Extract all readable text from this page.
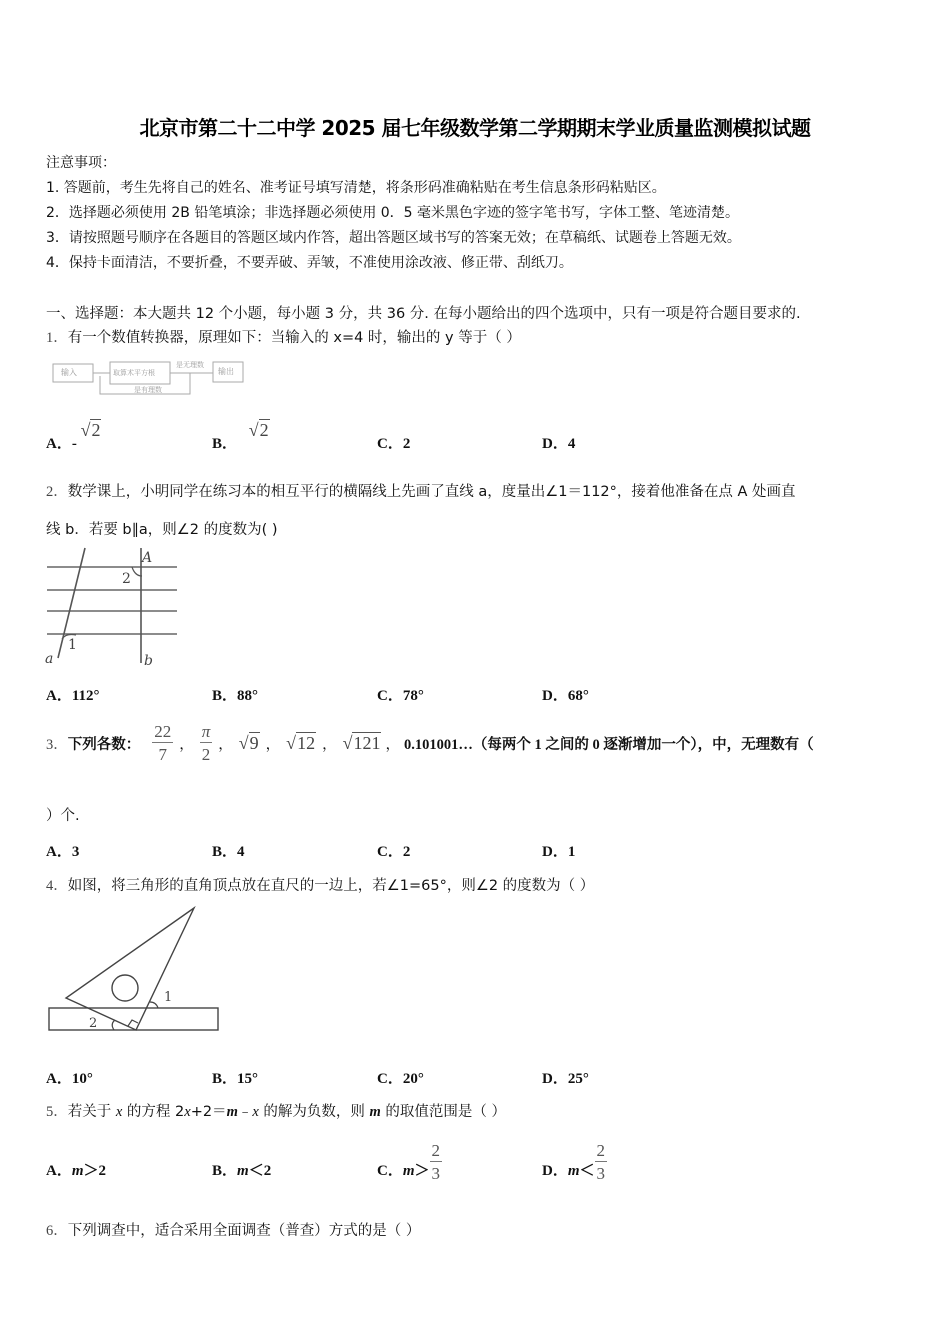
北京市第二十二中学 2025 届七年级数学第二学期期末学业质量监测模拟试题
注意事项：
1. 答题前，考生先将自己的姓名、准考证号填写清楚，将条形码准确粘贴在考生信息条形码粘贴区。
2．选择题必须使用 2B 铅笔填涂；非选择题必须使用 0．5 毫米黑色字迹的签字笔书写，字体工整、笔迹清楚。
3．请按照题号顺序在各题目的答题区域内作答，超出答题区域书写的答案无效；在草稿纸、试题卷上答题无效。
4．保持卡面清洁，不要折叠，不要弄破、弄皱，不准使用涂改液、修正带、刮纸刀。
一、选择题：本大题共 12 个小题，每小题 3 分，共 36 分. 在每小题给出的四个选项中，只有一项是符合题目要求的.
1．有一个数值转换器，原理如下：当输入的 x=4 时，输出的 y 等于（ ）
输入	取算术平方根
是无理数
是有理数
输出
A．- √2
B． √2
C．2	D．4
2．数学课上，小明同学在练习本的相互平行的横隔线上先画了直线 a，度量出∠1＝112°，接着他准备在点 A 处画直
线 b．若要 b∥a，则∠2 的度数为( )
A
2
1
a	b
A．112°	B．88°	C．78°	D．68°
3． 下列各数： $\frac{22}{7}$ ， $\frac{\pi}{2}$ ， √9 ， √12 ， √121 ， 0.101001…（每两个 1 之间的 0 逐渐增加一个），中，无理数有（
）个.
A．3	B．4	C．2	D．1
4．如图，将三角形的直角顶点放在直尺的一边上，若∠1=65°，则∠2 的度数为（ ）
1
2
A．10°	B．15°	C．20°	D．25°
5．若关于 x 的方程 2x+2＝m﹣x 的解为负数，则 m 的取值范围是（ ）
A．m＞2	B．m＜2	C． $m > \frac{2}{3}$	D． $m < \frac{2}{3}$
6．下列调查中，适合采用全面调查（普查）方式的是（ ）
